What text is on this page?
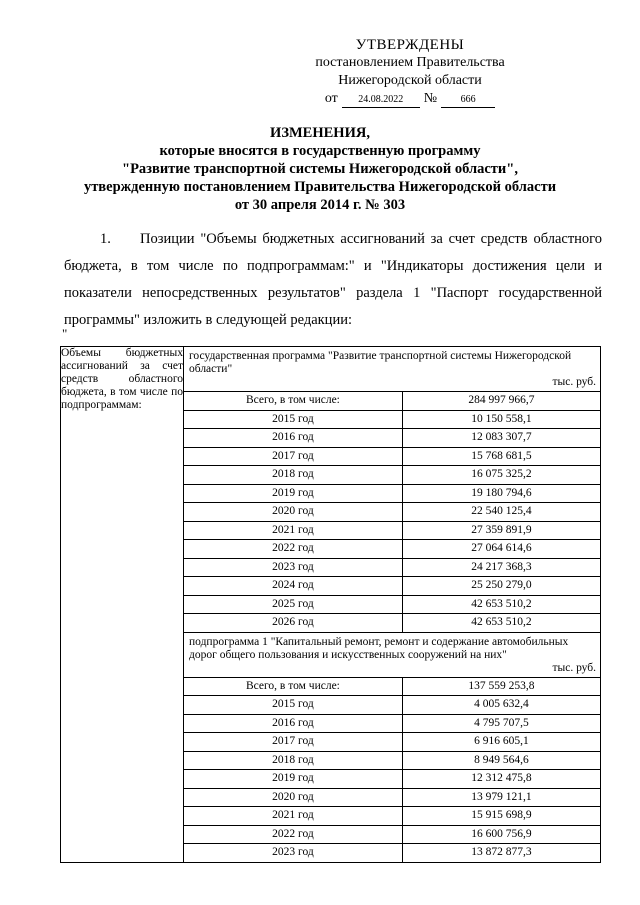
УТВЕРЖДЕНЫ
постановлением Правительства
Нижегородской области
от	24.08.2022	№	666
ИЗМЕНЕНИЯ,
которые вносятся в государственную программу
"Развитие транспортной системы Нижегородской области",
утвержденную постановлением Правительства Нижегородской области
от 30 апреля 2014 г. № 303
1. Позиции "Объемы бюджетных ассигнований за счет средств областного бюджета, в том числе по подпрограммам:" и "Индикаторы достижения цели и показатели непосредственных результатов" раздела 1 "Паспорт государственной программы" изложить в следующей редакции:
"
Объемы бюджетных ассигнований за счет средств областного бюджета, в том числе по подпрограммам:	
государственная программа "Развитие транспортной системы Нижегородской области"
тыс. руб.
Всего, в том числе:	284 997 966,7
2015 год	10 150 558,1
2016 год	12 083 307,7
2017 год	15 768 681,5
2018 год	16 075 325,2
2019 год	19 180 794,6
2020 год	22 540 125,4
2021 год	27 359 891,9
2022 год	27 064 614,6
2023 год	24 217 368,3
2024 год	25 250 279,0
2025 год	42 653 510,2
2026 год	42 653 510,2
подпрограмма 1 "Капитальный ремонт, ремонт и содержание автомобильных дорог общего пользования и искусственных сооружений на них"
тыс. руб.
Всего, в том числе:	137 559 253,8
2015 год	4 005 632,4
2016 год	4 795 707,5
2017 год	6 916 605,1
2018 год	8 949 564,6
2019 год	12 312 475,8
2020 год	13 979 121,1
2021 год	15 915 698,9
2022 год	16 600 756,9
2023 год	13 872 877,3
